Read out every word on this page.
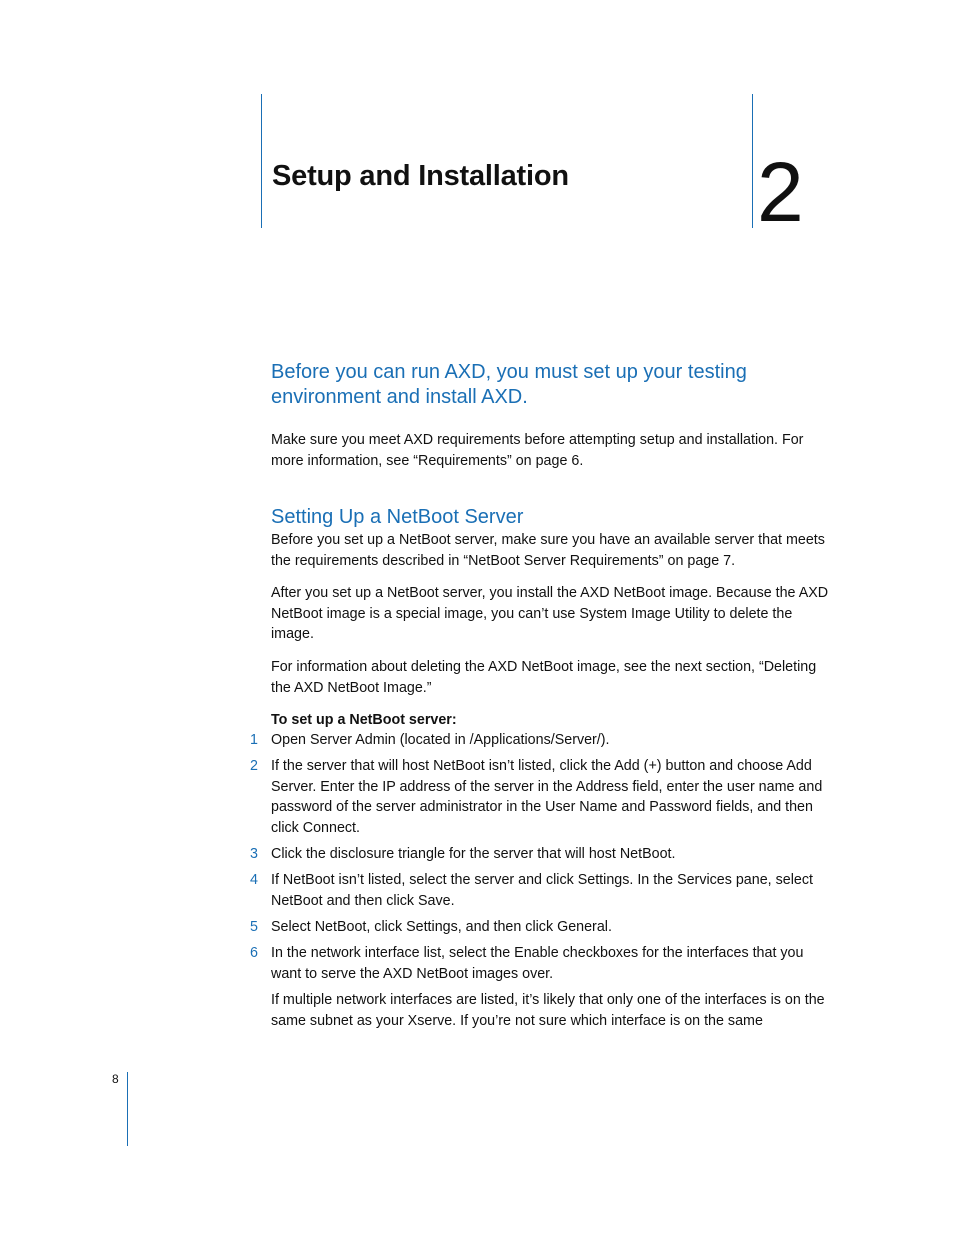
Setup and Installation 2
Before you can run AXD, you must set up your testing environment and install AXD.
Make sure you meet AXD requirements before attempting setup and installation. For more information, see “Requirements” on page 6.
Setting Up a NetBoot Server
Before you set up a NetBoot server, make sure you have an available server that meets the requirements described in “NetBoot Server Requirements” on page 7.
After you set up a NetBoot server, you install the AXD NetBoot image. Because the AXD NetBoot image is a special image, you can’t use System Image Utility to delete the image.
For information about deleting the AXD NetBoot image, see the next section, “Deleting the AXD NetBoot Image.”
To set up a NetBoot server:
1 Open Server Admin (located in /Applications/Server/).
2 If the server that will host NetBoot isn’t listed, click the Add (+) button and choose Add Server. Enter the IP address of the server in the Address field, enter the user name and password of the server administrator in the User Name and Password fields, and then click Connect.
3 Click the disclosure triangle for the server that will host NetBoot.
4 If NetBoot isn’t listed, select the server and click Settings. In the Services pane, select NetBoot and then click Save.
5 Select NetBoot, click Settings, and then click General.
6 In the network interface list, select the Enable checkboxes for the interfaces that you want to serve the AXD NetBoot images over.
If multiple network interfaces are listed, it’s likely that only one of the interfaces is on the same subnet as your Xserve. If you’re not sure which interface is on the same
8
